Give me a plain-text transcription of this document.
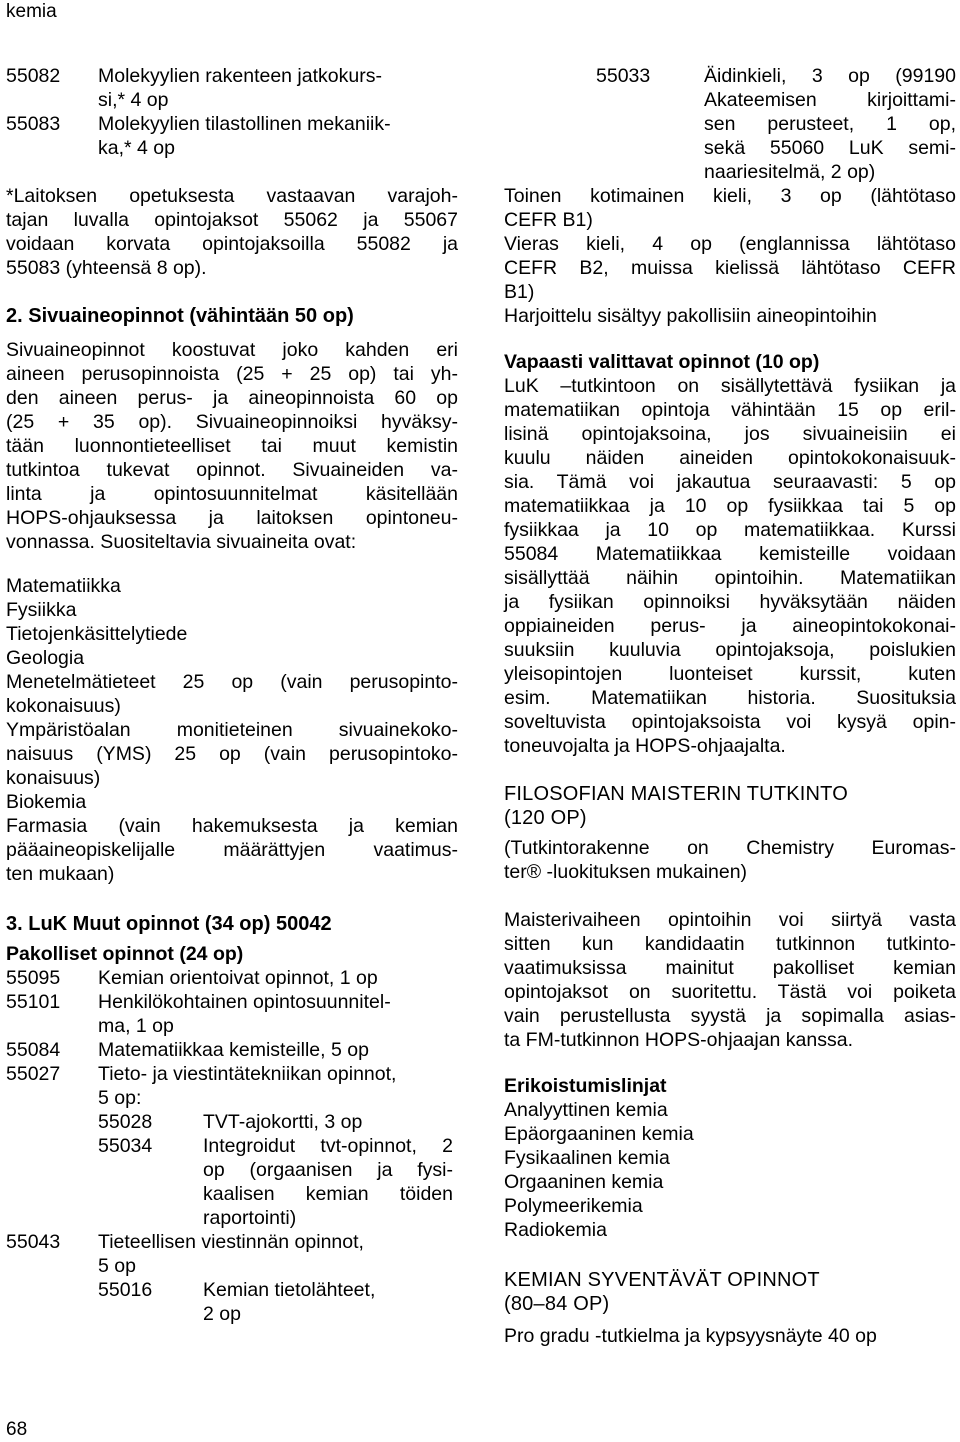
kemia
55082	Molekyylien rakenteen jatkokurs-
si,* 4 op
55083	Molekyylien tilastollinen mekaniik-
ka,* 4 op
*Laitoksen opetuksesta vastaavan varajoh-
tajan luvalla opintojaksot 55062 ja 55067
voidaan korvata opintojaksoilla 55082 ja
55083 (yhteensä 8 op).
2. Sivuaineopinnot (vähintään 50 op)
Sivuaineopinnot koostuvat joko kahden eri
aineen perusopinnoista (25 + 25 op) tai yh-
den aineen perus- ja aineopinnoista 60 op
(25 + 35 op). Sivuaineopinnoiksi hyväksy-
tään luonnontieteelliset tai muut kemistin
tutkintoa tukevat opinnot. Sivuaineiden va-
linta ja opintosuunnitelmat käsitellään
HOPS-ohjauksessa ja laitoksen opintoneu-
vonnassa. Suositeltavia sivuaineita ovat:
Matematiikka
Fysiikka
Tietojenkäsittelytiede
Geologia
Menetelmätieteet 25 op (vain perusopinto-
kokonaisuus)
Ympäristöalan monitieteinen sivuainekoko-
naisuus (YMS) 25 op (vain perusopintoko-
konaisuus)
Biokemia
Farmasia (vain hakemuksesta ja kemian
pääaineopiskelijalle määrättyjen vaatimus-
ten mukaan)
3. LuK Muut opinnot (34 op) 50042
Pakolliset opinnot (24 op)
55095	Kemian orientoivat opinnot, 1 op
55101	Henkilökohtainen opintosuunnitel-
ma, 1 op
55084	Matematiikkaa kemisteille, 5 op
55027	Tieto- ja viestintätekniikan opinnot,
5 op:
55028	TVT-ajokortti, 3 op
55034	Integroidut tvt-opinnot, 2
op (orgaanisen ja fysi-
kaalisen kemian töiden
raportointi)
55043	Tieteellisen viestinnän opinnot,
5 op
55016	Kemian tietolähteet,
2 op
55033	Äidinkieli, 3 op (99190
Akateemisen kirjoittami-
sen perusteet, 1 op,
sekä 55060 LuK semi-
naariesitelmä, 2 op)
Toinen kotimainen kieli, 3 op (lähtötaso
CEFR B1)
Vieras kieli, 4 op (englannissa lähtötaso
CEFR B2, muissa kielissä lähtötaso CEFR
B1)
Harjoittelu sisältyy pakollisiin aineopintoihin
Vapaasti valittavat opinnot (10 op)
LuK –tutkintoon on sisällytettävä fysiikan ja
matematiikan opintoja vähintään 15 op eril-
lisinä opintojaksoina, jos sivuaineisiin ei
kuulu näiden aineiden opintokokonaisuuk-
sia. Tämä voi jakautua seuraavasti: 5 op
matematiikkaa ja 10 op fysiikkaa tai 5 op
fysiikkaa ja 10 op matematiikkaa. Kurssi
55084 Matematiikkaa kemisteille voidaan
sisällyttää näihin opintoihin. Matematiikan
ja fysiikan opinnoiksi hyväksytään näiden
oppiaineiden perus- ja aineopintokokonai-
suuksiin kuuluvia opintojaksoja, poislukien
yleisopintojen luonteiset kurssit, kuten
esim. Matematiikan historia. Suosituksia
soveltuvista opintojaksoista voi kysyä opin-
toneuvojalta ja HOPS-ohjaajalta.
FILOSOFIAN MAISTERIN TUTKINTO
(120 OP)
(Tutkintorakenne on Chemistry Euromas-
ter® -luokituksen mukainen)
Maisterivaiheen opintoihin voi siirtyä vasta
sitten kun kandidaatin tutkinnon tutkinto-
vaatimuksissa mainitut pakolliset kemian
opintojaksot on suoritettu. Tästä voi poiketa
vain perustellusta syystä ja sopimalla asias-
ta FM-tutkinnon HOPS-ohjaajan kanssa.
Erikoistumislinjat
Analyyttinen kemia
Epäorgaaninen kemia
Fysikaalinen kemia
Orgaaninen kemia
Polymeerikemia
Radiokemia
KEMIAN SYVENTÄVÄT OPINNOT
(80–84 OP)
Pro gradu -tutkielma ja kypsyysnäyte 40 op
68
